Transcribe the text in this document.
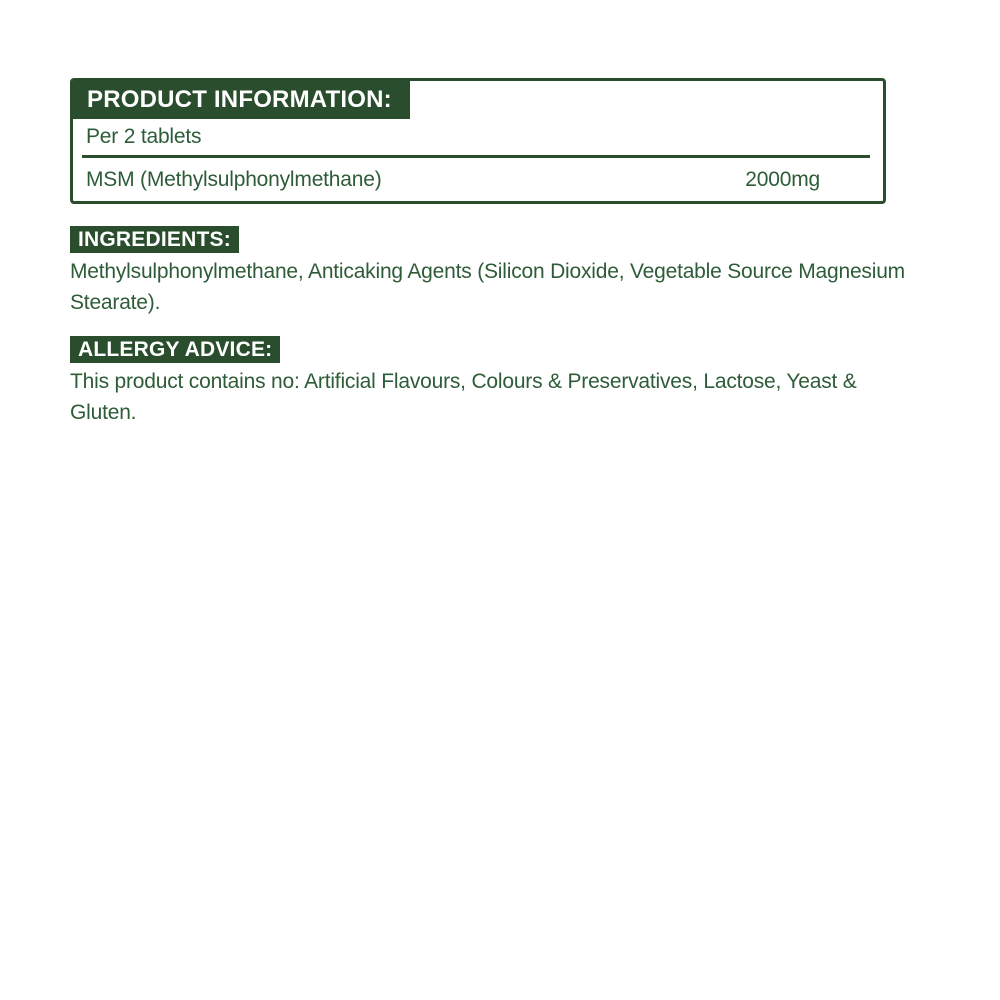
PRODUCT INFORMATION:
Per 2 tablets
MSM (Methylsulphonylmethane)	2000mg
INGREDIENTS:
Methylsulphonylmethane, Anticaking Agents (Silicon Dioxide, Vegetable Source Magnesium Stearate).
ALLERGY ADVICE:
This product contains no: Artificial Flavours, Colours & Preservatives, Lactose, Yeast & Gluten.
